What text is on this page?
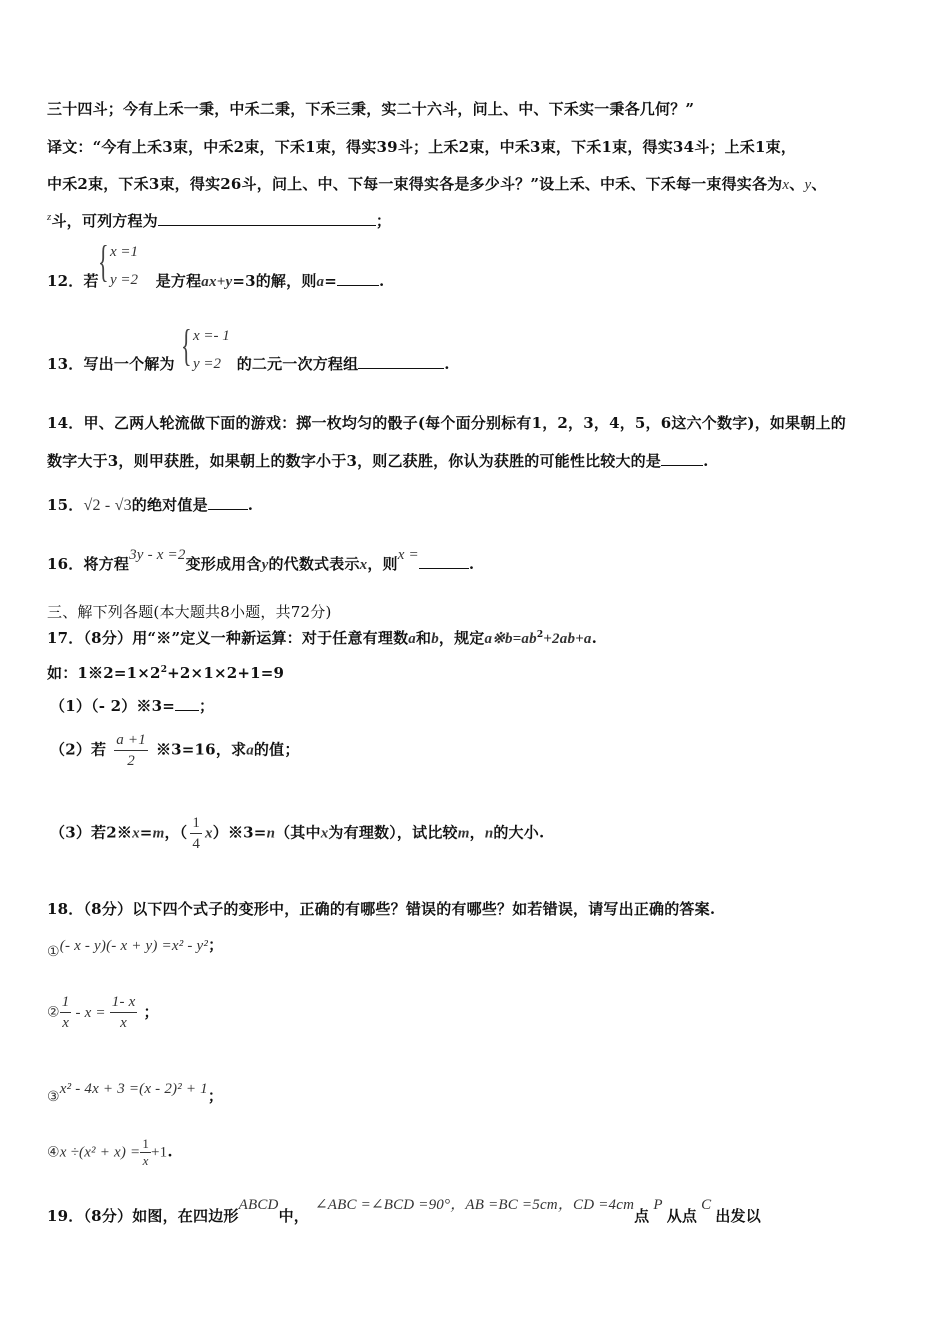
三十四斗；今有上禾一秉，中禾二秉，下禾三秉，实二十六斗，问上、中、下禾实一秉各几何？”
译文：“今有上禾3束，中禾2束，下禾1束，得实39斗；上禾2束，中禾3束，下禾1束，得实34斗；上禾1束，
中禾2束，下禾3束，得实26斗，问上、中、下每一束得实各是多少斗？”设上禾、中禾、下禾每一束得实各为x、y、
$^z$斗，可列方程为	；
{ x =1
y =2
12．若	是方程ax+y=3的解，则a=	.
{ x =- 1
y =2
13．写出一个解为	的二元一次方程组	.
14．甲、乙两人轮流做下面的游戏：掷一枚均匀的骰子(每个面分别标有1，2，3，4，5，6这六个数字)，如果朝上的
数字大于3，则甲获胜，如果朝上的数字小于3，则乙获胜，你认为获胜的可能性比较大的是	.
15．√2 - √3的绝对值是	.
16．将方程3y - x =2变形成用含y的代数式表示x，则x =	.
三、解下列各题(本大题共8小题，共72分)
17．（8分）用“※”定义一种新运算：对于任意有理数a和b，规定$a※b=ab^2+2ab+a$.
如：$1※2=1\times 2^2+2\times 1\times 2+1=9$
（1）（- 2）※3= ；
（2）若 $\frac{a +1}{2}$ ※3=16，求a的值；
（3）若2※x=m，（ $\frac{1}{4}$ x）※3=n（其中x为有理数），试比较m，n的大小.
18．（8分）以下四个式子的变形中，正确的有哪些？错误的有哪些？如若错误，请写出正确的答案.
①(- x - y)(- x + y) =x² - y²；
② $\frac{1}{x} - x = \frac{1- x}{x}$ ；
③x² - 4x + 3 =(x - 2)² + 1；
④x $\div(x^2 + x) = \frac{1}{x} +1$.
19．（8分）如图，在四边形ABCD中，∠ABC =∠BCD =90°，AB =BC =5cm，CD =4cm点P从点C出发以
